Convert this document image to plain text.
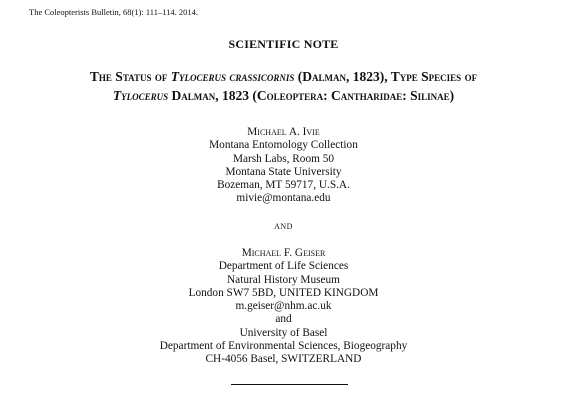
The Coleopterists Bulletin, 68(1): 111–114. 2014.
SCIENTIFIC NOTE
The Status of Tylocerus crassicornis (Dalman, 1823), Type Species of
Tylocerus Dalman, 1823 (Coleoptera: Cantharidae: Silinae)
Michael A. Ivie
Montana Entomology Collection
Marsh Labs, Room 50
Montana State University
Bozeman, MT 59717, U.S.A.
mivie@montana.edu
AND
Michael F. Geiser
Department of Life Sciences
Natural History Museum
London SW7 5BD, UNITED KINGDOM
m.geiser@nhm.ac.uk
and
University of Basel
Department of Environmental Sciences, Biogeography
CH-4056 Basel, SWITZERLAND
